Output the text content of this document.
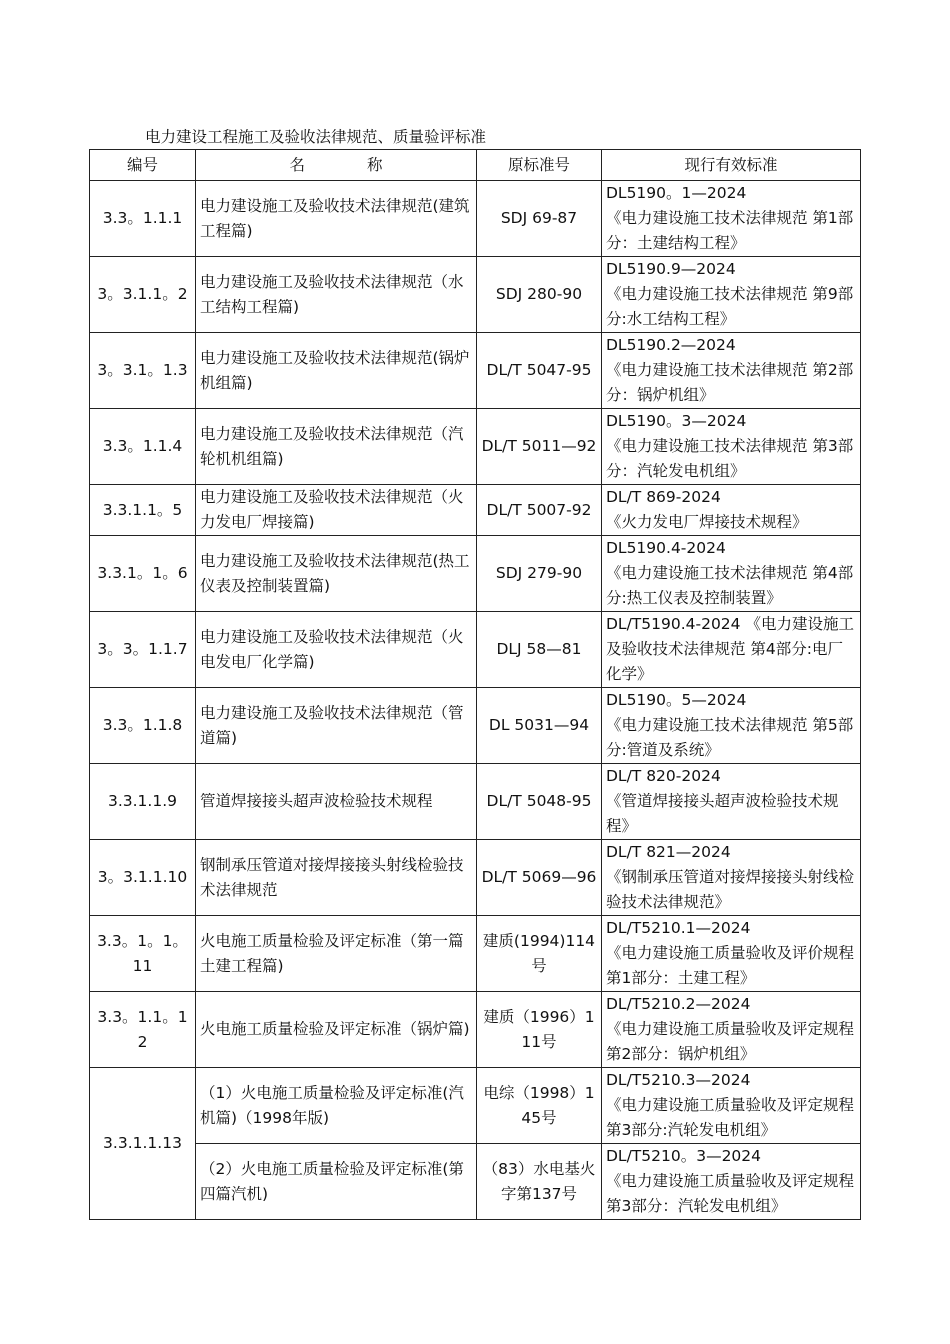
电力建设工程施工及验收法律规范、质量验评标准
编号	名　　　　称	原标准号	现行有效标准
3.3。1.1.1	电力建设施工及验收技术法律规范(建筑工程篇)	SDJ 69-87	DL5190。1—2024
《电力建设施工技术法律规范 第1部分：土建结构工程》

3。3.1.1。2	电力建设施工及验收技术法律规范（水工结构工程篇)	SDJ 280-90	DL5190.9—2024
《电力建设施工技术法律规范 第9部分:水工结构工程》

3。3.1。1.3	电力建设施工及验收技术法律规范(锅炉机组篇)	DL/T 5047-95	DL5190.2—2024
《电力建设施工技术法律规范 第2部分：锅炉机组》

3.3。1.1.4	电力建设施工及验收技术法律规范（汽轮机机组篇)	DL/T 5011—92	DL5190。3—2024
《电力建设施工技术法律规范 第3部分：汽轮发电机组》

3.3.1.1。5	电力建设施工及验收技术法律规范（火力发电厂焊接篇)	DL/T 5007-92	DL/T 869-2024
《火力发电厂焊接技术规程》

3.3.1。1。6	电力建设施工及验收技术法律规范(热工仪表及控制装置篇)	SDJ 279-90	DL5190.4-2024
《电力建设施工技术法律规范 第4部分:热工仪表及控制装置》

3。3。1.1.7	电力建设施工及验收技术法律规范（火电发电厂化学篇)	DLJ 58—81	DL/T5190.4-2024 《电力建设施工及验收技术法律规范 第4部分:电厂化学》

3.3。1.1.8	电力建设施工及验收技术法律规范（管道篇)	DL 5031—94	DL5190。5—2024
《电力建设施工技术法律规范 第5部分:管道及系统》

3.3.1.1.9	管道焊接接头超声波检验技术规程	DL/T 5048-95	DL/T 820-2024
《管道焊接接头超声波检验技术规程》

3。3.1.1.10	钢制承压管道对接焊接接头射线检验技术法律规范	DL/T 5069—96	DL/T 821—2024
《钢制承压管道对接焊接接头射线检验技术法律规范》

3.3。1。1。11	火电施工质量检验及评定标准（第一篇土建工程篇)	建质(1994)114号	DL/T5210.1—2024
《电力建设施工质量验收及评价规程 第1部分：土建工程》

3.3。1.1。12	火电施工质量检验及评定标准（锅炉篇)	建质（1996）111号	DL/T5210.2—2024
《电力建设施工质量验收及评定规程 第2部分：锅炉机组》

3.3.1.1.13	（1）火电施工质量检验及评定标准(汽机篇)（1998年版)	电综（1998）145号	DL/T5210.3—2024
《电力建设施工质量验收及评定规程 第3部分:汽轮发电机组》

	（2）火电施工质量检验及评定标准(第四篇汽机)	（83）水电基火字第137号	DL/T5210。3—2024
《电力建设施工质量验收及评定规程 第3部分：汽轮发电机组》
